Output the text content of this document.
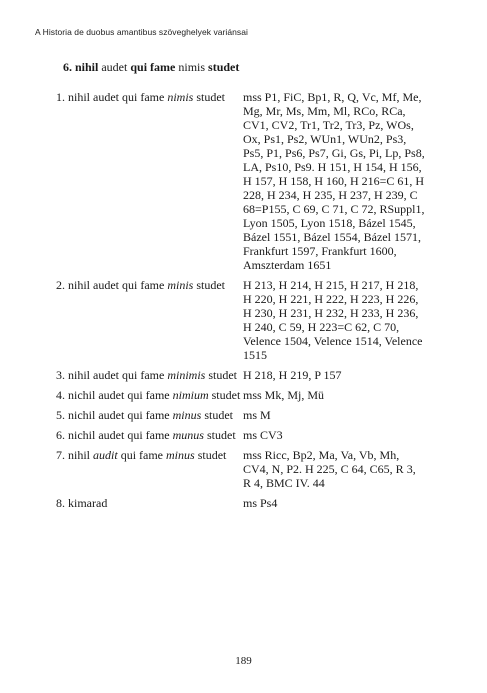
A Historia de duobus amantibus szöveghelyek variánsai
6. nihil audet qui fame nimis studet
1. nihil audet qui fame nimis studet	mss P1, FiC, Bp1, R, Q, Vc, Mf, Me, Mg, Mr, Ms, Mm, Ml, RCo, RCa, CV1, CV2, Tr1, Tr2, Tr3, Pz, WOs, Ox, Ps1, Ps2, WUn1, WUn2, Ps3, Ps5, P1, Ps6, Ps7, Gi, Gs, Pi, Lp, Ps8, LA, Ps10, Ps9. H 151, H 154, H 156, H 157, H 158, H 160, H 216=C 61, H 228, H 234, H 235, H 237, H 239, C 68=P155, C 69, C 71, C 72, RSuppl1, Lyon 1505, Lyon 1518, Bázel 1545, Bázel 1551, Bázel 1554, Bázel 1571, Frankfurt 1597, Frankfurt 1600, Amszterdam 1651
2. nihil audet qui fame minis studet	H 213, H 214, H 215, H 217, H 218, H 220, H 221, H 222, H 223, H 226, H 230, H 231, H 232, H 233, H 236, H 240, C 59, H 223=C 62, C 70, Velence 1504, Velence 1514, Velence 1515
3. nihil audet qui fame minimis studet H 218, H 219, P 157
4. nichil audet qui fame nimium studet mss Mk, Mj, Mü
5. nichil audet qui fame minus studet ms M
6. nichil audet qui fame munus studet ms CV3
7. nihil audit qui fame minus studet	mss Ricc, Bp2, Ma, Va, Vb, Mh, CV4, N, P2. H 225, C 64, C65, R 3, R 4, BMC IV. 44
8. kimarad	ms Ps4
189
